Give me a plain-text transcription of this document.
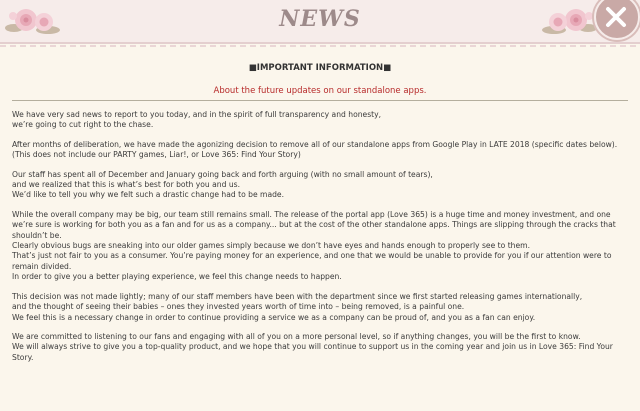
NEWS
■IMPORTANT INFORMATION■
About the future updates on our standalone apps.

We have very sad news to report to you today, and in the spirit of full transparency and honesty,
we’re going to cut right to the chase.

After months of deliberation, we have made the agonizing decision to remove all of our standalone apps from Google Play in LATE 2018 (specific dates below).
(This does not include our PARTY games, Liar!, or Love 365: Find Your Story)

Our staff has spent all of December and January going back and forth arguing (with no small amount of tears),
and we realized that this is what’s best for both you and us.
We’d like to tell you why we felt such a drastic change had to be made.

While the overall company may be big, our team still remains small. The release of the portal app (Love 365) is a huge time and money investment, and one we’re sure is working for both you as a fan and for us as a company... but at the cost of the other standalone apps. Things are slipping through the cracks that shouldn’t be.
Clearly obvious bugs are sneaking into our older games simply because we don’t have eyes and hands enough to properly see to them.
That’s just not fair to you as a consumer. You’re paying money for an experience, and one that we would be unable to provide for you if our attention were to remain divided.
In order to give you a better playing experience, we feel this change needs to happen.

This decision was not made lightly; many of our staff members have been with the department since we first started releasing games internationally,
and the thought of seeing their babies – ones they invested years worth of time into – being removed, is a painful one.
We feel this is a necessary change in order to continue providing a service we as a company can be proud of, and you as a fan can enjoy.

We are committed to listening to our fans and engaging with all of you on a more personal level, so if anything changes, you will be the first to know.
We will always strive to give you a top-quality product, and we hope that you will continue to support us in the coming year and join us in Love 365: Find Your Story.
